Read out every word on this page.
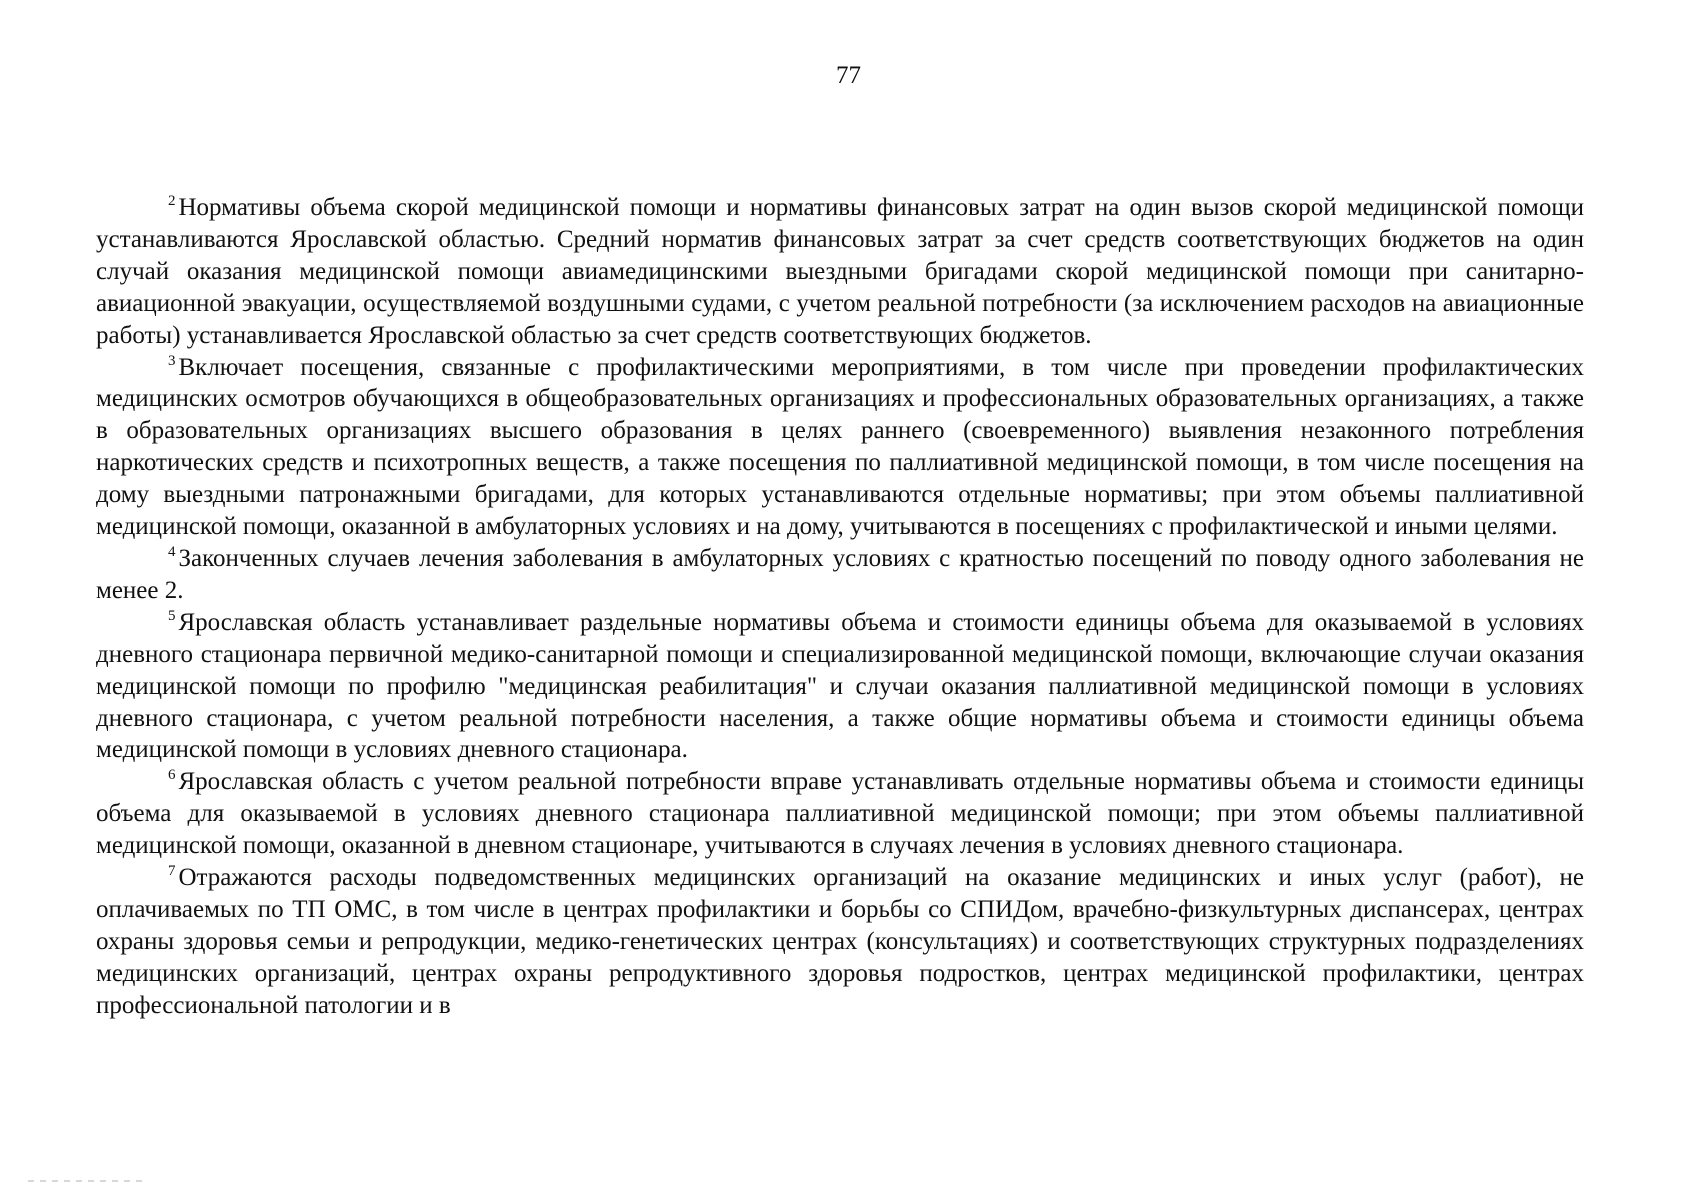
77

$^2$ Нормативы объема скорой медицинской помощи и нормативы финансовых затрат на один вызов скорой медицинской помощи устанавливаются Ярославской областью. Средний норматив финансовых затрат за счет средств соответствующих бюджетов на один случай оказания медицинской помощи авиамедицинскими выездными бригадами скорой медицинской помощи при санитарно-авиационной эвакуации, осуществляемой воздушными судами, с учетом реальной потребности (за исключением расходов на авиационные работы) устанавливается Ярославской областью за счет средств соответствующих бюджетов.

$^3$ Включает посещения, связанные с профилактическими мероприятиями, в том числе при проведении профилактических медицинских осмотров обучающихся в общеобразовательных организациях и профессиональных образовательных организациях, а также в образовательных организациях высшего образования в целях раннего (своевременного) выявления незаконного потребления наркотических средств и психотропных веществ, а также посещения по паллиативной медицинской помощи, в том числе посещения на дому выездными патронажными бригадами, для которых устанавливаются отдельные нормативы; при этом объемы паллиативной медицинской помощи, оказанной в амбулаторных условиях и на дому, учитываются в посещениях с профилактической и иными целями.

$^4$ Законченных случаев лечения заболевания в амбулаторных условиях с кратностью посещений по поводу одного заболевания не менее 2.

$^5$ Ярославская область устанавливает раздельные нормативы объема и стоимости единицы объема для оказываемой в условиях дневного стационара первичной медико-санитарной помощи и специализированной медицинской помощи, включающие случаи оказания медицинской помощи по профилю "медицинская реабилитация" и случаи оказания паллиативной медицинской помощи в условиях дневного стационара, с учетом реальной потребности населения, а также общие нормативы объема и стоимости единицы объема медицинской помощи в условиях дневного стационара.

$^6$ Ярославская область с учетом реальной потребности вправе устанавливать отдельные нормативы объема и стоимости единицы объема для оказываемой в условиях дневного стационара паллиативной медицинской помощи; при этом объемы паллиативной медицинской помощи, оказанной в дневном стационаре, учитываются в случаях лечения в условиях дневного стационара.

$^7$ Отражаются расходы подведомственных медицинских организаций на оказание медицинских и иных услуг (работ), не оплачиваемых по ТП ОМС, в том числе в центрах профилактики и борьбы со СПИДом, врачебно-физкультурных диспансерах, центрах охраны здоровья семьи и репродукции, медико-генетических центрах (консультациях) и соответствующих структурных подразделениях медицинских организаций, центрах охраны репродуктивного здоровья подростков, центрах медицинской профилактики, центрах профессиональной патологии и в
